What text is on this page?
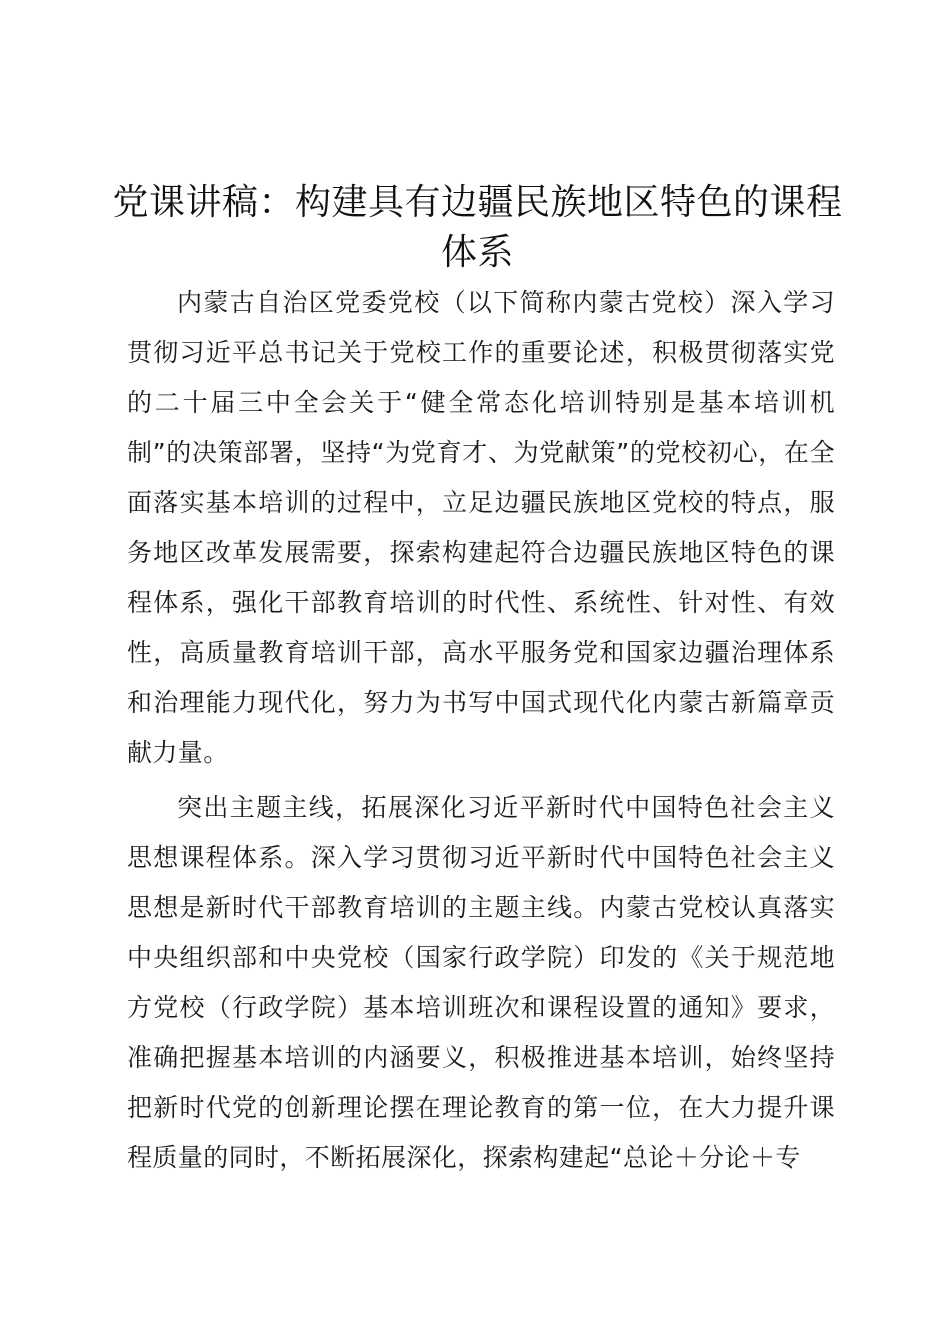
党课讲稿：构建具有边疆民族地区特色的课程体系

内蒙古自治区党委党校（以下简称内蒙古党校）深入学习贯彻习近平总书记关于党校工作的重要论述，积极贯彻落实党的二十届三中全会关于“健全常态化培训特别是基本培训机制”的决策部署，坚持“为党育才、为党献策”的党校初心，在全面落实基本培训的过程中，立足边疆民族地区党校的特点，服务地区改革发展需要，探索构建起符合边疆民族地区特色的课程体系，强化干部教育培训的时代性、系统性、针对性、有效性，高质量教育培训干部，高水平服务党和国家边疆治理体系和治理能力现代化，努力为书写中国式现代化内蒙古新篇章贡献力量。

突出主题主线，拓展深化习近平新时代中国特色社会主义思想课程体系。深入学习贯彻习近平新时代中国特色社会主义思想是新时代干部教育培训的主题主线。内蒙古党校认真落实中央组织部和中央党校（国家行政学院）印发的《关于规范地方党校（行政学院）基本培训班次和课程设置的通知》要求，准确把握基本培训的内涵要义，积极推进基本培训，始终坚持把新时代党的创新理论摆在理论教育的第一位，在大力提升课程质量的同时，不断拓展深化，探索构建起“总论＋分论＋专
